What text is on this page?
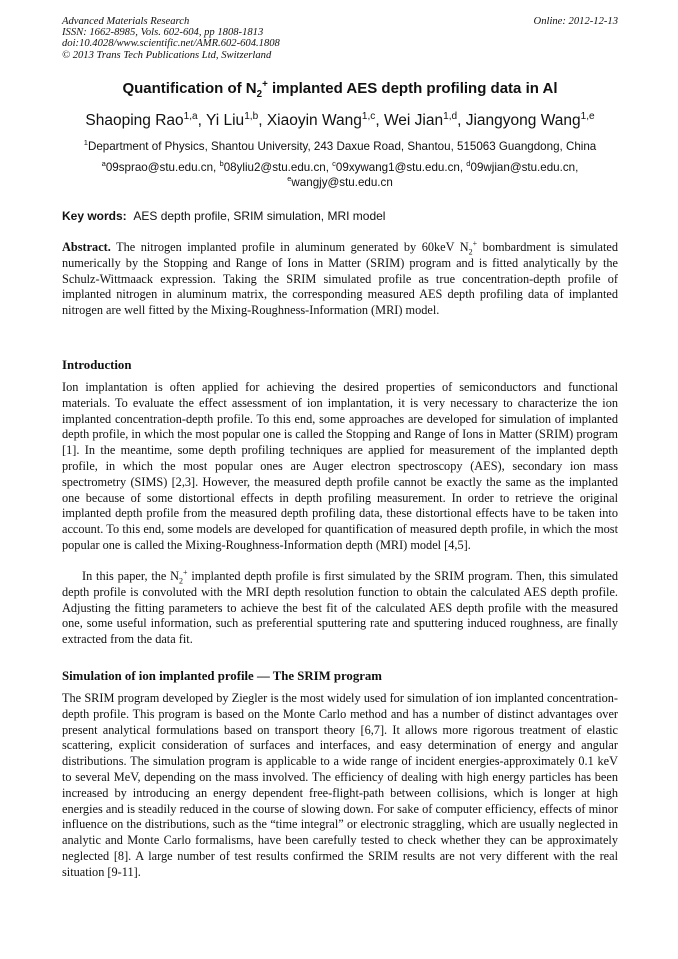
Advanced Materials Research
ISSN: 1662-8985, Vols. 602-604, pp 1808-1813
doi:10.4028/www.scientific.net/AMR.602-604.1808
© 2013 Trans Tech Publications Ltd, Switzerland
Online: 2012-12-13
Quantification of $N_2^+$ implanted AES depth profiling data in Al
Shaoping Rao$^{1,a}$, Yi Liu$^{1,b}$, Xiaoyin Wang$^{1,c}$, Wei Jian$^{1,d}$, Jiangyong Wang$^{1,e}$
$^1$Department of Physics, Shantou University, 243 Daxue Road, Shantou, 515063 Guangdong, China
$^a$09sprao@stu.edu.cn, $^b$08yliu2@stu.edu.cn, $^c$09xywang1@stu.edu.cn, $^d$09wjian@stu.edu.cn,
$^e$wangjy@stu.edu.cn
Key words: AES depth profile, SRIM simulation, MRI model
Abstract. The nitrogen implanted profile in aluminum generated by 60keV $N_2^+$ bombardment is simulated numerically by the Stopping and Range of Ions in Matter (SRIM) program and is fitted analytically by the Schulz-Wittmaack expression. Taking the SRIM simulated profile as true concentration-depth profile of implanted nitrogen in aluminum matrix, the corresponding measured AES depth profiling data of implanted nitrogen are well fitted by the Mixing-Roughness-Information (MRI) model.
Introduction
Ion implantation is often applied for achieving the desired properties of semiconductors and functional materials. To evaluate the effect assessment of ion implantation, it is very necessary to characterize the ion implanted concentration-depth profile. To this end, some approaches are developed for simulation of implanted depth profile, in which the most popular one is called the Stopping and Range of Ions in Matter (SRIM) program [1]. In the meantime, some depth profiling techniques are applied for measurement of the implanted depth profile, in which the most popular ones are Auger electron spectroscopy (AES), secondary ion mass spectrometry (SIMS) [2,3]. However, the measured depth profile cannot be exactly the same as the implanted one because of some distortional effects in depth profiling measurement. In order to retrieve the original implanted depth profile from the measured depth profiling data, these distortional effects have to be taken into account. To this end, some models are developed for quantification of measured depth profile, in which the most popular one is called the Mixing-Roughness-Information depth (MRI) model [4,5].
In this paper, the $N_2^+$ implanted depth profile is first simulated by the SRIM program. Then, this simulated depth profile is convoluted with the MRI depth resolution function to obtain the calculated AES depth profile. Adjusting the fitting parameters to achieve the best fit of the calculated AES depth profile with the measured one, some useful information, such as preferential sputtering rate and sputtering induced roughness, are finally extracted from the data fit.
Simulation of ion implanted profile — The SRIM program
The SRIM program developed by Ziegler is the most widely used for simulation of ion implanted concentration-depth profile. This program is based on the Monte Carlo method and has a number of distinct advantages over present analytical formulations based on transport theory [6,7]. It allows more rigorous treatment of elastic scattering, explicit consideration of surfaces and interfaces, and easy determination of energy and angular distributions. The simulation program is applicable to a wide range of incident energies-approximately 0.1 keV to several MeV, depending on the mass involved. The efficiency of dealing with high energy particles has been increased by introducing an energy dependent free-flight-path between collisions, which is longer at high energies and is steadily reduced in the course of slowing down. For sake of computer efficiency, effects of minor influence on the distributions, such as the “time integral” or electronic straggling, which are usually neglected in analytic and Monte Carlo formalisms, have been carefully tested to check whether they can be approximately neglected [8]. A large number of test results confirmed the SRIM results are not very different with the real situation [9-11].
